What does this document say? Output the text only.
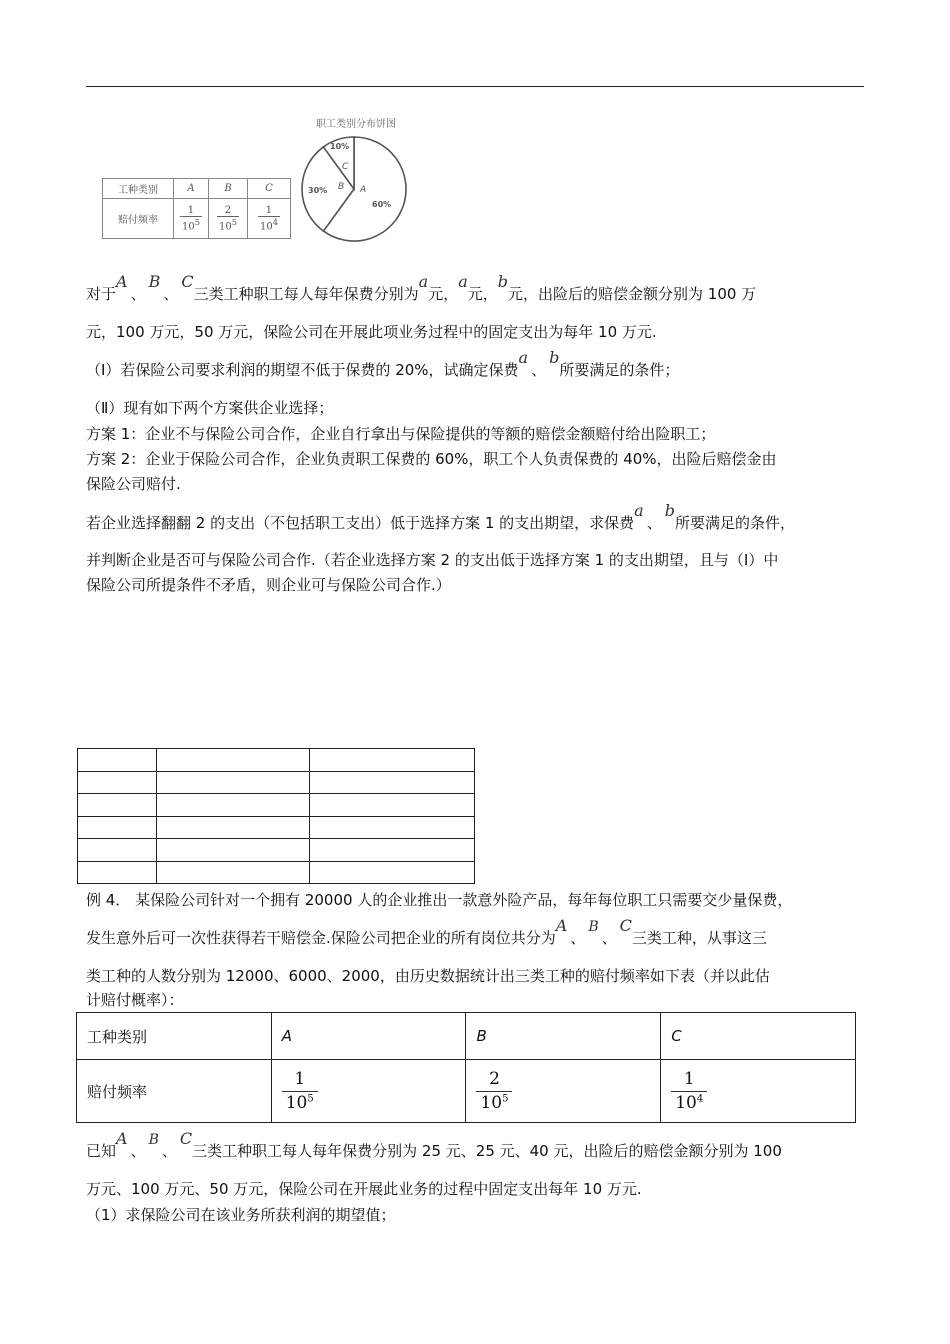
工种类别	A	B	C
赔付频率	$\frac{1}{10^5}$	$\frac{2}{10^5}$	$\frac{1}{10^4}$
职工类别分布饼图
30%
10%
C
B A
60%
对于A、B、C三类工种职工每人每年保费分别为a元，a元，b元，出险后的赔偿金额分别为 100 万
元，100 万元，50 万元，保险公司在开展此项业务过程中的固定支出为每年 10 万元.
（Ⅰ）若保险公司要求利润的期望不低于保费的 20%，试确定保费a、b所要满足的条件；
（Ⅱ）现有如下两个方案供企业选择；
方案 1：企业不与保险公司合作，企业自行拿出与保险提供的等额的赔偿金额赔付给出险职工；
方案 2：企业于保险公司合作，企业负责职工保费的 60%，职工个人负责保费的 40%，出险后赔偿金由
保险公司赔付.
若企业选择翻翻 2 的支出（不包括职工支出）低于选择方案 1 的支出期望，求保费a、b所要满足的条件，
并判断企业是否可与保险公司合作.（若企业选择方案 2 的支出低于选择方案 1 的支出期望，且与（Ⅰ）中
保险公司所提条件不矛盾，则企业可与保险公司合作.）

例 4． 某保险公司针对一个拥有 20000 人的企业推出一款意外险产品，每年每位职工只需要交少量保费，
发生意外后可一次性获得若干赔偿金.保险公司把企业的所有岗位共分为A、B、C三类工种，从事这三
类工种的人数分别为 12000、6000、2000，由历史数据统计出三类工种的赔付频率如下表（并以此估
计赔付概率）：
工种类别	A	B	C
赔付频率	$\frac{1}{10^5}$	$\frac{2}{10^5}$	$\frac{1}{10^4}$
已知A、B、C三类工种职工每人每年保费分别为 25 元、25 元、40 元，出险后的赔偿金额分别为 100
万元、100 万元、50 万元，保险公司在开展此业务的过程中固定支出每年 10 万元.
（1）求保险公司在该业务所获利润的期望值；
